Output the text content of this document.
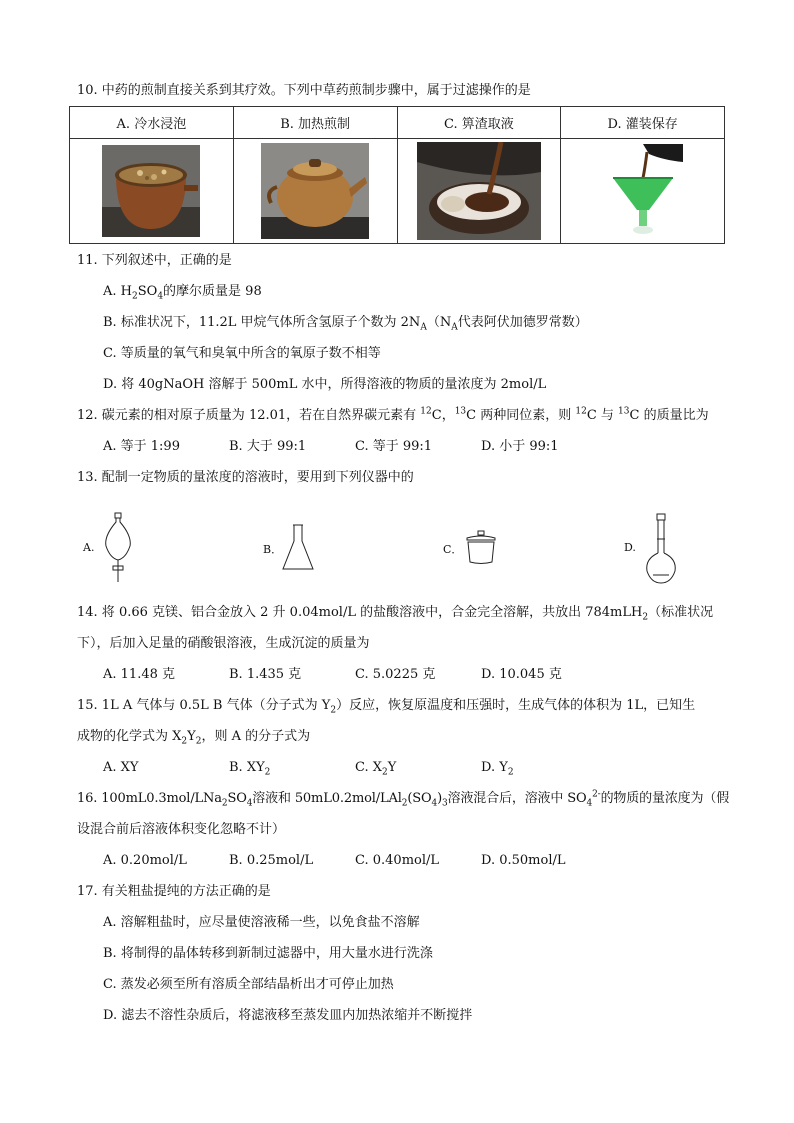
10. 中药的煎制直接关系到其疗效。下列中草药煎制步骤中，属于过滤操作的是
A. 冷水浸泡	B. 加热煎制	C. 箅渣取液	D. 灌装保存

11. 下列叙述中，正确的是
A. $H_2SO_4$的摩尔质量是 98
B. 标准状况下，11.2L 甲烷气体所含氢原子个数为 $2N_A(N_A$代表阿伏加德罗常数）
C. 等质量的氧气和臭氧中所含的氧原子数不相等
D. 将 40gNaOH 溶解于 500mL 水中，所得溶液的物质的量浓度为 2mol/L
12. 碳元素的相对原子质量为 12.01，若在自然界碳元素有 $^{12}$C，$^{13}$C 两种同位素，则 $^{12}$C 与 $^{13}$C 的质量比为
A. 等于 1:99	B. 大于 99:1	C. 等于 99:1	D. 小于 99:1
13. 配制一定物质的量浓度的溶液时，要用到下列仪器中的
A.	B．	C．	D.
14. 将 0.66 克镁、铝合金放入 2 升 0.04mol/L 的盐酸溶液中，合金完全溶解，共放出 784mLH$_2$（标准状况
下），后加入足量的硝酸银溶液，生成沉淀的质量为
A. 11.48 克	B. 1.435 克	C. 5.0225 克	D. 10.045 克
15. 1L A 气体与 0.5L B 气体（分子式为 $Y_2$）反应，恢复原温度和压强时，生成气体的体积为 1L，已知生
成物的化学式为 $X_2Y_2$，则 A 的分子式为
A. XY	B. $XY_2$	C. $X_2Y$	D. $Y_2$
16. $100mL0.3mol/LNa_2SO_4$溶液和 $50mL0.2mol/LAl_2(SO_4)_3$溶液混合后，溶液中 $SO_4^{2-}$的物质的量浓度为（假
设混合前后溶液体积变化忽略不计）
A. 0.20mol/L	B. 0.25mol/L	C. 0.40mol/L	D. 0.50mol/L
17. 有关粗盐提纯的方法正确的是
A. 溶解粗盐时，应尽量使溶液稀一些，以免食盐不溶解
B. 将制得的晶体转移到新制过滤器中，用大量水进行洗涤
C. 蒸发必须至所有溶质全部结晶析出才可停止加热
D. 滤去不溶性杂质后，将滤液移至蒸发皿内加热浓缩并不断搅拌
